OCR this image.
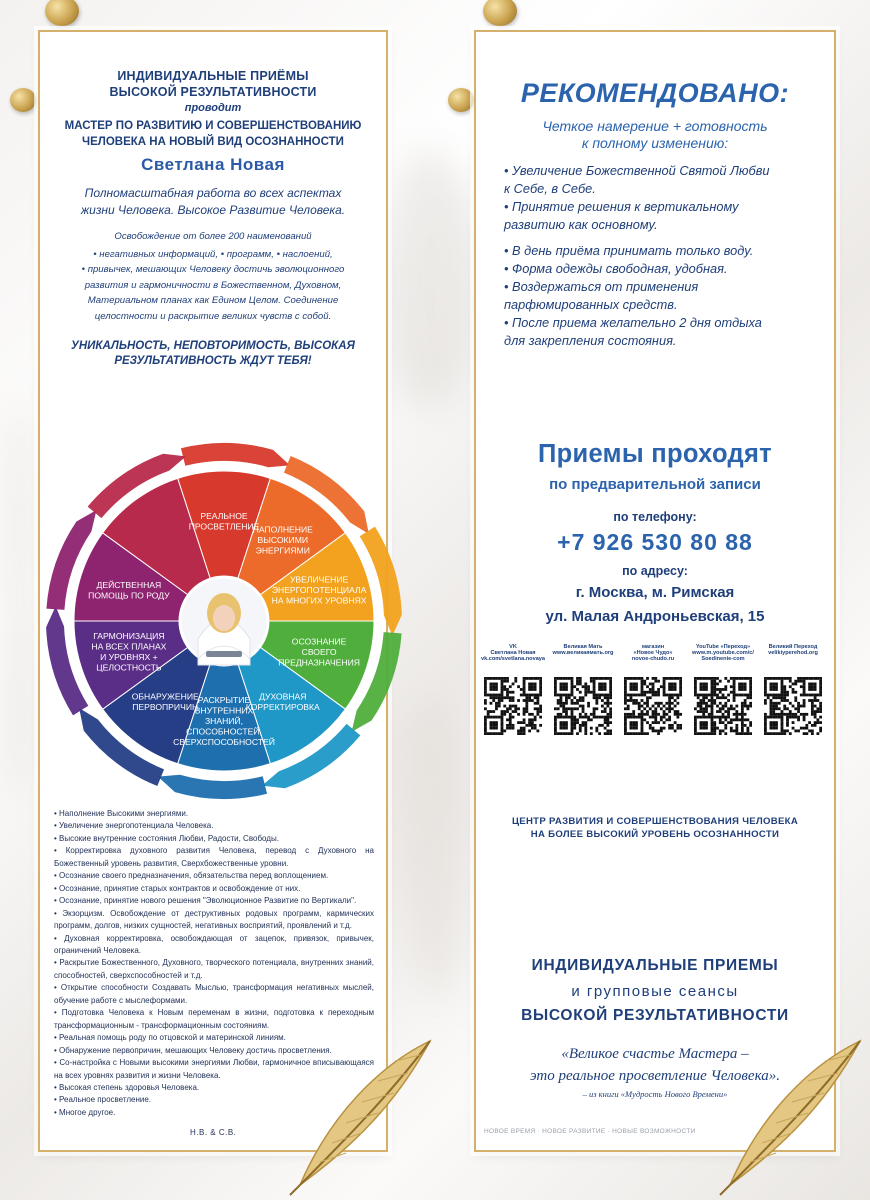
ИНДИВИДУАЛЬНЫЕ ПРИЁМЫ
ВЫСОКОЙ РЕЗУЛЬТАТИВНОСТИ
проводит
МАСТЕР ПО РАЗВИТИЮ И СОВЕРШЕНСТВОВАНИЮ
ЧЕЛОВЕКА НА НОВЫЙ ВИД ОСОЗНАННОСТИ
Светлана Новая
Полномасштабная работа во всех аспектах
жизни Человека. Высокое Развитие Человека.
Освобождение от более 200 наименований
• негативных информаций, • программ, • наслоений,
• привычек, мешающих Человеку достичь эволюционного
развития и гармоничности в Божественном, Духовном,
Материальном планах как Едином Целом. Соединение
целостности и раскрытие великих чувств с собой.
УНИКАЛЬНОСТЬ, НЕПОВТОРИМОСТЬ, ВЫСОКАЯ
РЕЗУЛЬТАТИВНОСТЬ ЖДУТ ТЕБЯ!
РЕАЛЬНОЕ ПРОСВЕТЛЕНИЕ
НАПОЛНЕНИЕ ВЫСОКИМИ ЭНЕРГИЯМИ
УВЕЛИЧЕНИЕ ЭНЕРГОПОТЕНЦИАЛА НА МНОГИХ УРОВНЯХ
ОСОЗНАНИЕ СВОЕГО ПРЕДНАЗНАЧЕНИЯ
ДУХОВНАЯ КОРРЕКТИРОВКА
РАСКРЫТИЕ ВНУТРЕННИХ ЗНАНИЙ, СПОСОБНОСТЕЙ, СВЕРХСПОСОБНОСТЕЙ
ОБНАРУЖЕНИЕ ПЕРВОПРИЧИН
ГАРМОНИЗАЦИЯ НА ВСЕХ ПЛАНАХ И УРОВНЯХ + ЦЕЛОСТНОСТЬ
ДЕЙСТВЕННАЯ ПОМОЩЬ ПО РОДУ
• Наполнение Высокими энергиями.
• Увеличение энергопотенциала Человека.
• Высокие внутренние состояния Любви, Радости, Свободы.
• Корректировка духовного развития Человека, перевод с Духовного на Божественный уровень развития, Сверхбожественные уровни.
• Осознание своего предназначения, обязательства перед воплощением.
• Осознание, принятие старых контрактов и освобождение от них.
• Осознание, принятие нового решения "Эволюционное Развитие по Вертикали".
• Экзорцизм. Освобождение от деструктивных родовых программ, кармических программ, долгов, низких сущностей, негативных восприятий, проявлений и т.д.
• Духовная корректировка, освобождающая от зацепок, привязок, привычек, ограничений Человека.
• Раскрытие Божественного, Духовного, творческого потенциала, внутренних знаний, способностей, сверхспособностей и т.д.
• Открытие способности Создавать Мыслью, трансформация негативных мыслей, обучение работе с мыслеформами.
• Подготовка Человека к Новым переменам в жизни, подготовка к переходным трансформационным - трансформационным состояниям.
• Реальная помощь роду по отцовской и материнской линиям.
• Обнаружение первопричин, мешающих Человеку достичь просветления.
• Со-настройка с Новыми высокими энергиями Любви, гармоничное вписывающаяся на всех уровнях развития и жизни Человека.
• Высокая степень здоровья Человека.
• Реальное просветление.
• Многое другое.
Н.В. & С.В.
РЕКОМЕНДОВАНО:
Четкое намерение + готовность
к полному изменению:
• Увеличение Божественной Святой Любви
к Себе, в Себе.
• Принятие решения к вертикальному
развитию как основному.
• В день приёма принимать только воду.
• Форма одежды свободная, удобная.
• Воздержаться от применения
парфюмированных средств.
• После приема желательно 2 дня отдыха
для закрепления состояния.
Приемы проходят
по предварительной записи
по телефону:
+7 926 530 80 88
по адресу:
г. Москва, м. Римская
ул. Малая Андроньевская, 15
VK
Светлана Новая
vk.com/svetlana.novaya
Великая Мать
www.великаямать.org
магазин
«Новое Чудо»
novoe-chudo.ru
YouTube «Переход»
www.m.youtube.com/c/
Soedinenie-com
Великий Переход
velikiyperehod.org
ЦЕНТР РАЗВИТИЯ И СОВЕРШЕНСТВОВАНИЯ ЧЕЛОВЕКА
НА БОЛЕЕ ВЫСОКИЙ УРОВЕНЬ ОСОЗНАННОСТИ
ИНДИВИДУАЛЬНЫЕ ПРИЕМЫ
и групповые сеансы
ВЫСОКОЙ РЕЗУЛЬТАТИВНОСТИ
«Великое счастье Мастера –
это реальное просветление Человека».
– из книги «Мудрость Нового Времени»
НОВОЕ ВРЕМЯ · НОВОЕ РАЗВИТИЕ · НОВЫЕ ВОЗМОЖНОСТИ
